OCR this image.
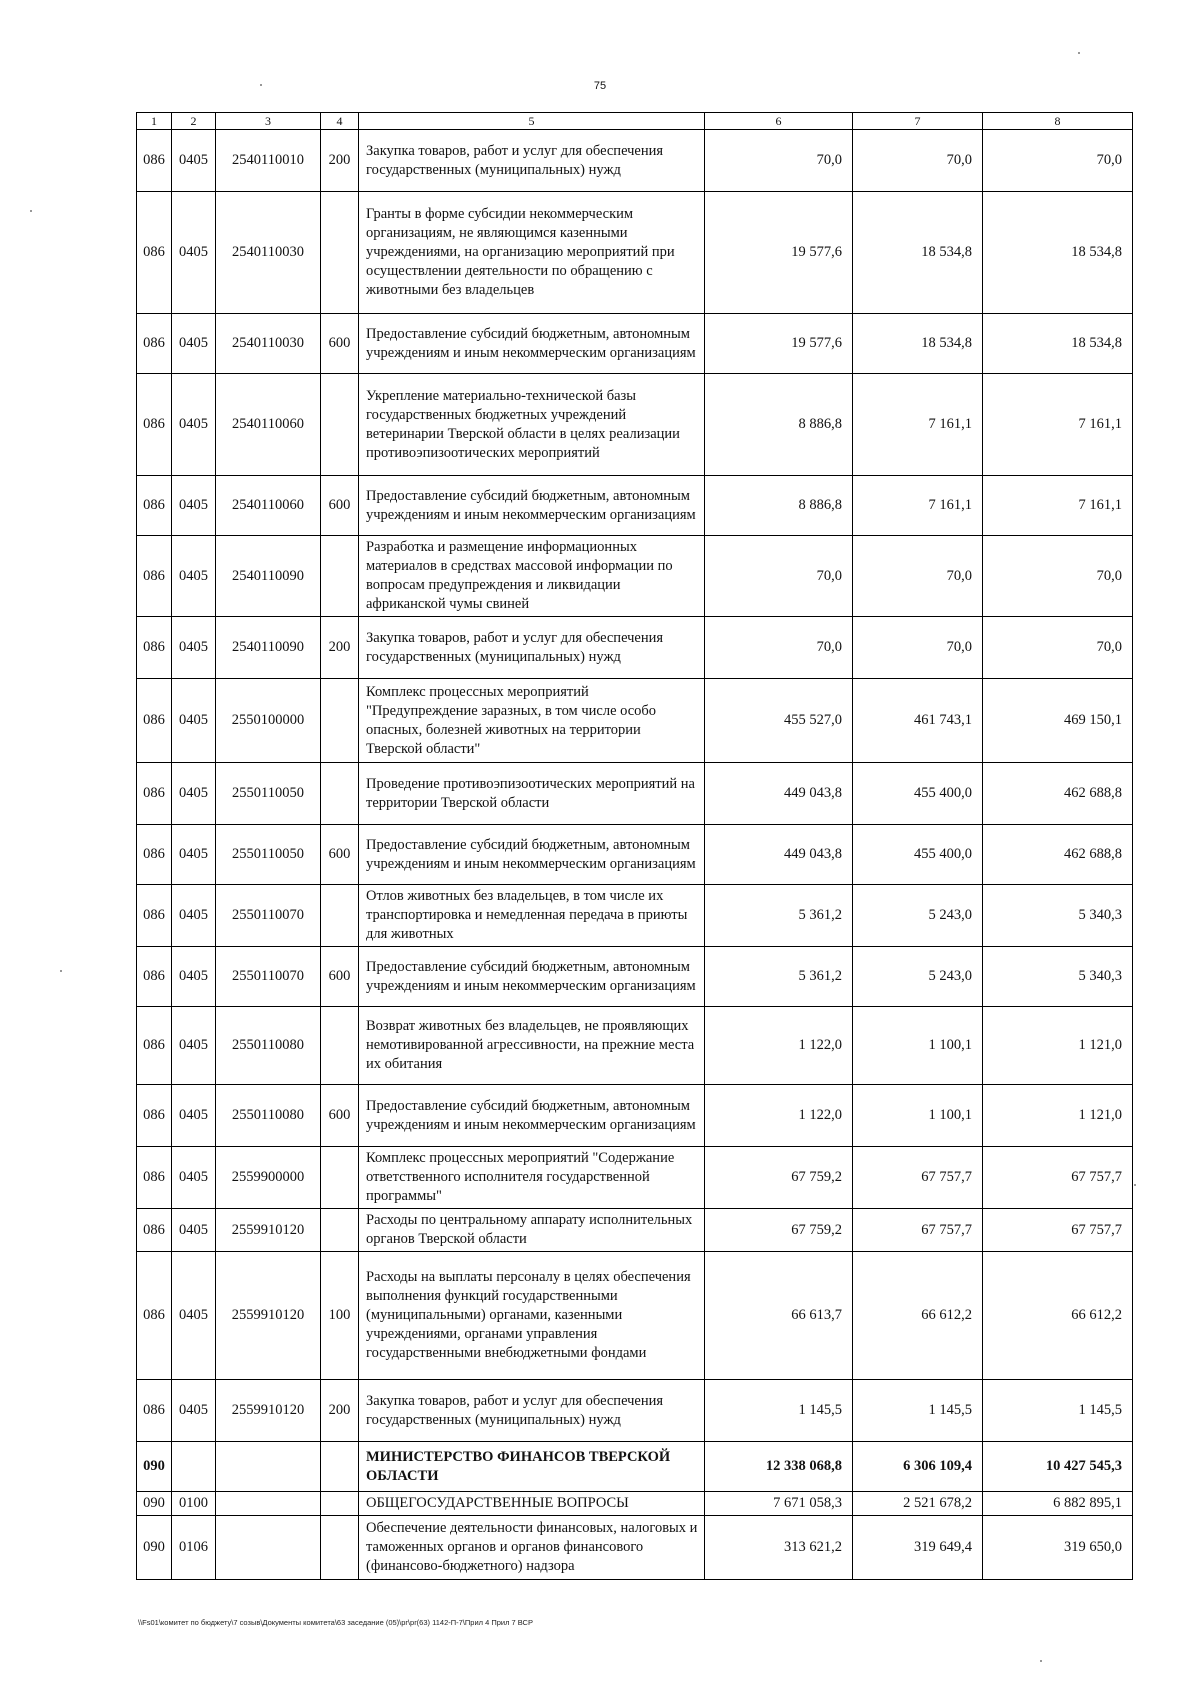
75
1	2	3	4	5	6	7	8
086	0405	2540110010	200	Закупка товаров, работ и услуг для обеспечения государственных (муниципальных) нужд	70,0	70,0	70,0
086	0405	2540110030		Гранты в форме субсидии некоммерческим организациям, не являющимся казенными учреждениями, на организацию мероприятий при осуществлении деятельности по обращению с животными без владельцев	19 577,6	18 534,8	18 534,8
086	0405	2540110030	600	Предоставление субсидий бюджетным, автономным учреждениям и иным некоммерческим организациям	19 577,6	18 534,8	18 534,8
086	0405	2540110060		Укрепление материально-технической базы государственных бюджетных учреждений ветеринарии Тверской области в целях реализации противоэпизоотических мероприятий	8 886,8	7 161,1	7 161,1
086	0405	2540110060	600	Предоставление субсидий бюджетным, автономным учреждениям и иным некоммерческим организациям	8 886,8	7 161,1	7 161,1
086	0405	2540110090		Разработка и размещение информационных материалов в средствах массовой информации по вопросам предупреждения и ликвидации африканской чумы свиней	70,0	70,0	70,0
086	0405	2540110090	200	Закупка товаров, работ и услуг для обеспечения государственных (муниципальных) нужд	70,0	70,0	70,0
086	0405	2550100000		Комплекс процессных мероприятий "Предупреждение заразных, в том числе особо опасных, болезней животных на территории Тверской области"	455 527,0	461 743,1	469 150,1
086	0405	2550110050		Проведение противоэпизоотических мероприятий на территории Тверской области	449 043,8	455 400,0	462 688,8
086	0405	2550110050	600	Предоставление субсидий бюджетным, автономным учреждениям и иным некоммерческим организациям	449 043,8	455 400,0	462 688,8
086	0405	2550110070		Отлов животных без владельцев, в том числе их транспортировка и немедленная передача в приюты для животных	5 361,2	5 243,0	5 340,3
086	0405	2550110070	600	Предоставление субсидий бюджетным, автономным учреждениям и иным некоммерческим организациям	5 361,2	5 243,0	5 340,3
086	0405	2550110080		Возврат животных без владельцев, не проявляющих немотивированной агрессивности, на прежние места их обитания	1 122,0	1 100,1	1 121,0
086	0405	2550110080	600	Предоставление субсидий бюджетным, автономным учреждениям и иным некоммерческим организациям	1 122,0	1 100,1	1 121,0
086	0405	2559900000		Комплекс процессных мероприятий "Содержание ответственного исполнителя государственной программы"	67 759,2	67 757,7	67 757,7
086	0405	2559910120		Расходы по центральному аппарату исполнительных органов Тверской области	67 759,2	67 757,7	67 757,7
086	0405	2559910120	100	Расходы на выплаты персоналу в целях обеспечения выполнения функций государственными (муниципальными) органами, казенными учреждениями, органами управления государственными внебюджетными фондами	66 613,7	66 612,2	66 612,2
086	0405	2559910120	200	Закупка товаров, работ и услуг для обеспечения государственных (муниципальных) нужд	1 145,5	1 145,5	1 145,5
090				МИНИСТЕРСТВО ФИНАНСОВ ТВЕРСКОЙ ОБЛАСТИ	12 338 068,8	6 306 109,4	10 427 545,3
090	0100			ОБЩЕГОСУДАРСТВЕННЫЕ ВОПРОСЫ	7 671 058,3	2 521 678,2	6 882 895,1
090	0106			Обеспечение деятельности финансовых, налоговых и таможенных органов и органов финансового (финансово-бюджетного) надзора	313 621,2	319 649,4	319 650,0
\\Fs01\комитет по бюджету\7 созыв\Документы комитета\63 заседание (05)\pr\pr(63) 1142-П-7\Прил 4 Прил 7 ВСР
